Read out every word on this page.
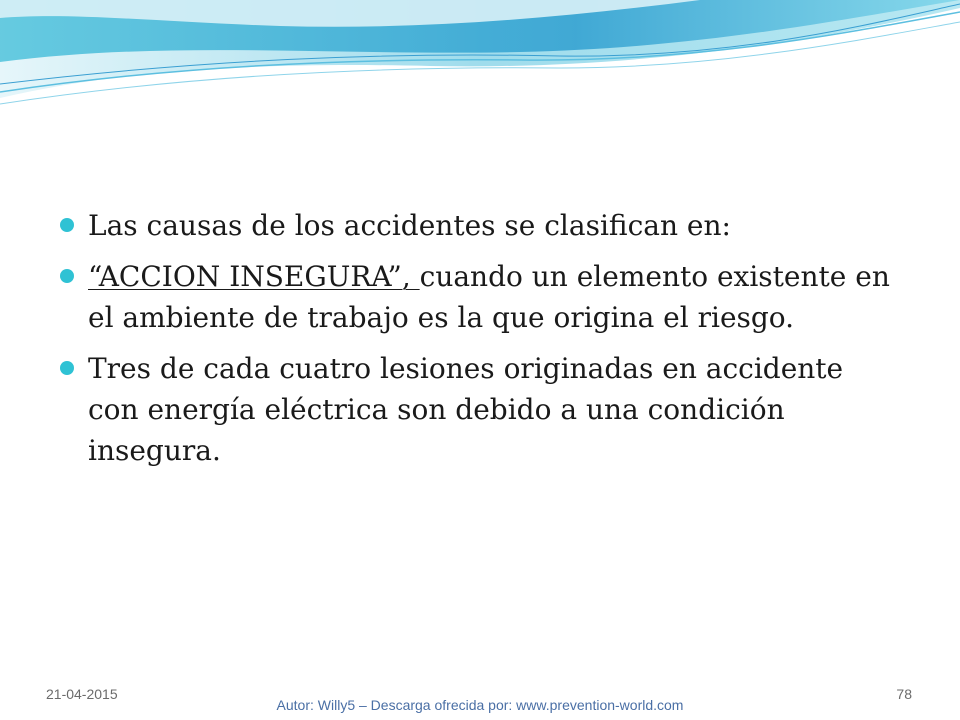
Las causas de los accidentes se clasifican en:
“ACCION INSEGURA”, cuando un elemento existente en el ambiente de trabajo es la que origina el riesgo.
Tres de cada cuatro lesiones originadas en accidente con energía eléctrica son debido a una condición insegura.
21-04-2015
Autor: Willy5 – Descarga ofrecida por: www.prevention-world.com
78
